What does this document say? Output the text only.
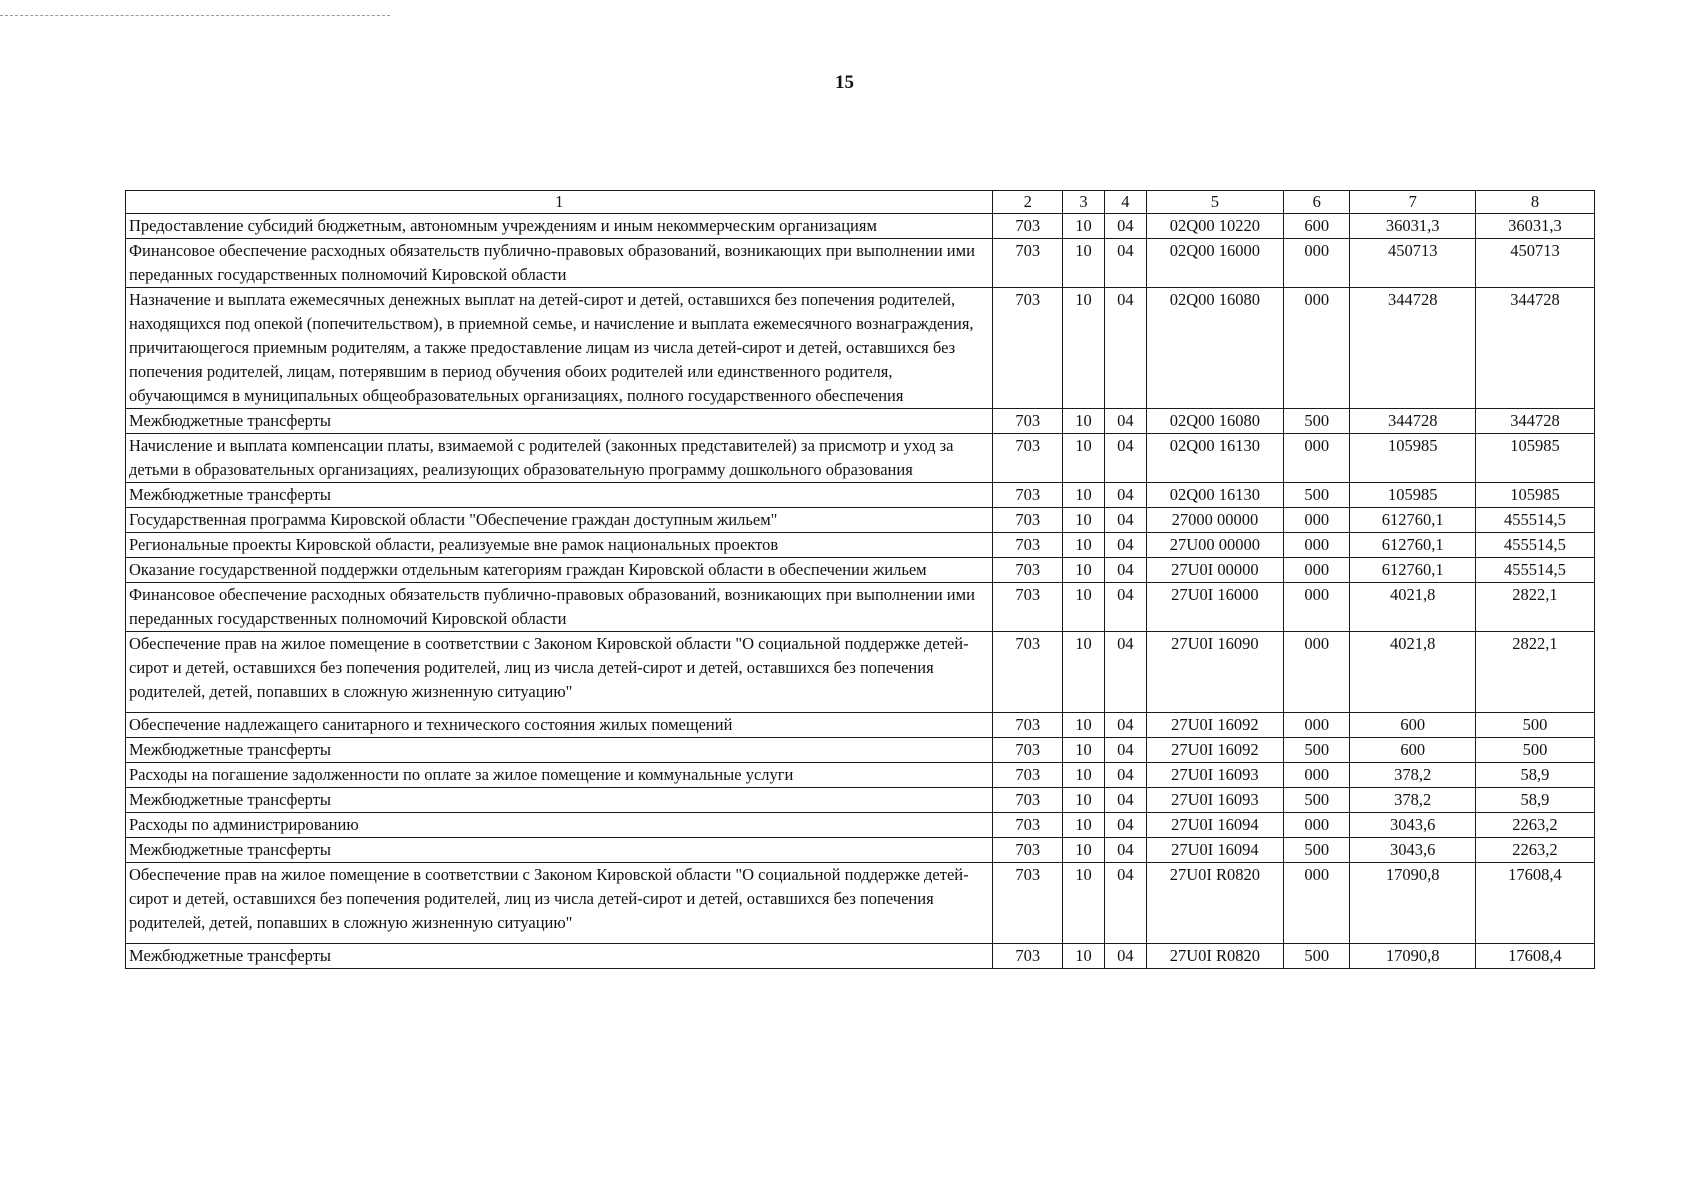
15
1	2	3	4	5	6	7	8
Предоставление субсидий бюджетным, автономным учреждениям и иным некоммерческим организациям	703	10	04	02Q00 10220	600	36031,3	36031,3
Финансовое обеспечение расходных обязательств публично-правовых образований, возникающих при выполнении ими переданных государственных полномочий Кировской области	703	10	04	02Q00 16000	000	450713	450713
Назначение и выплата ежемесячных денежных выплат на детей-сирот и детей, оставшихся без попечения родителей, находящихся под опекой (попечительством), в приемной семье, и начисление и выплата ежемесячного вознаграждения, причитающегося приемным родителям, а также предоставление лицам из числа детей-сирот и детей, оставшихся без попечения родителей, лицам, потерявшим в период обучения обоих родителей или единственного родителя, обучающимся в муниципальных общеобразовательных организациях, полного государственного обеспечения	703	10	04	02Q00 16080	000	344728	344728
Межбюджетные трансферты	703	10	04	02Q00 16080	500	344728	344728
Начисление и выплата компенсации платы, взимаемой с родителей (законных представителей) за присмотр и уход за детьми в образовательных организациях, реализующих образовательную программу дошкольного образования	703	10	04	02Q00 16130	000	105985	105985
Межбюджетные трансферты	703	10	04	02Q00 16130	500	105985	105985
Государственная программа Кировской области "Обеспечение граждан доступным жильем"	703	10	04	27000 00000	000	612760,1	455514,5
Региональные проекты Кировской области, реализуемые вне рамок национальных проектов	703	10	04	27U00 00000	000	612760,1	455514,5
Оказание государственной поддержки отдельным категориям граждан Кировской области в обеспечении жильем	703	10	04	27U0I 00000	000	612760,1	455514,5
Финансовое обеспечение расходных обязательств публично-правовых образований, возникающих при выполнении ими переданных государственных полномочий Кировской области	703	10	04	27U0I 16000	000	4021,8	2822,1
Обеспечение прав на жилое помещение в соответствии с Законом Кировской области "О социальной поддержке детей-сирот и детей, оставшихся без попечения родителей, лиц из числа детей-сирот и детей, оставшихся без попечения родителей, детей, попавших в сложную жизненную ситуацию"	703	10	04	27U0I 16090	000	4021,8	2822,1
Обеспечение надлежащего санитарного и технического состояния жилых помещений	703	10	04	27U0I 16092	000	600	500
Межбюджетные трансферты	703	10	04	27U0I 16092	500	600	500
Расходы на погашение задолженности по оплате за жилое помещение и коммунальные услуги	703	10	04	27U0I 16093	000	378,2	58,9
Межбюджетные трансферты	703	10	04	27U0I 16093	500	378,2	58,9
Расходы по администрированию	703	10	04	27U0I 16094	000	3043,6	2263,2
Межбюджетные трансферты	703	10	04	27U0I 16094	500	3043,6	2263,2
Обеспечение прав на жилое помещение в соответствии с Законом Кировской области "О социальной поддержке детей-сирот и детей, оставшихся без попечения родителей, лиц из числа детей-сирот и детей, оставшихся без попечения родителей, детей, попавших в сложную жизненную ситуацию"	703	10	04	27U0I R0820	000	17090,8	17608,4
Межбюджетные трансферты	703	10	04	27U0I R0820	500	17090,8	17608,4
